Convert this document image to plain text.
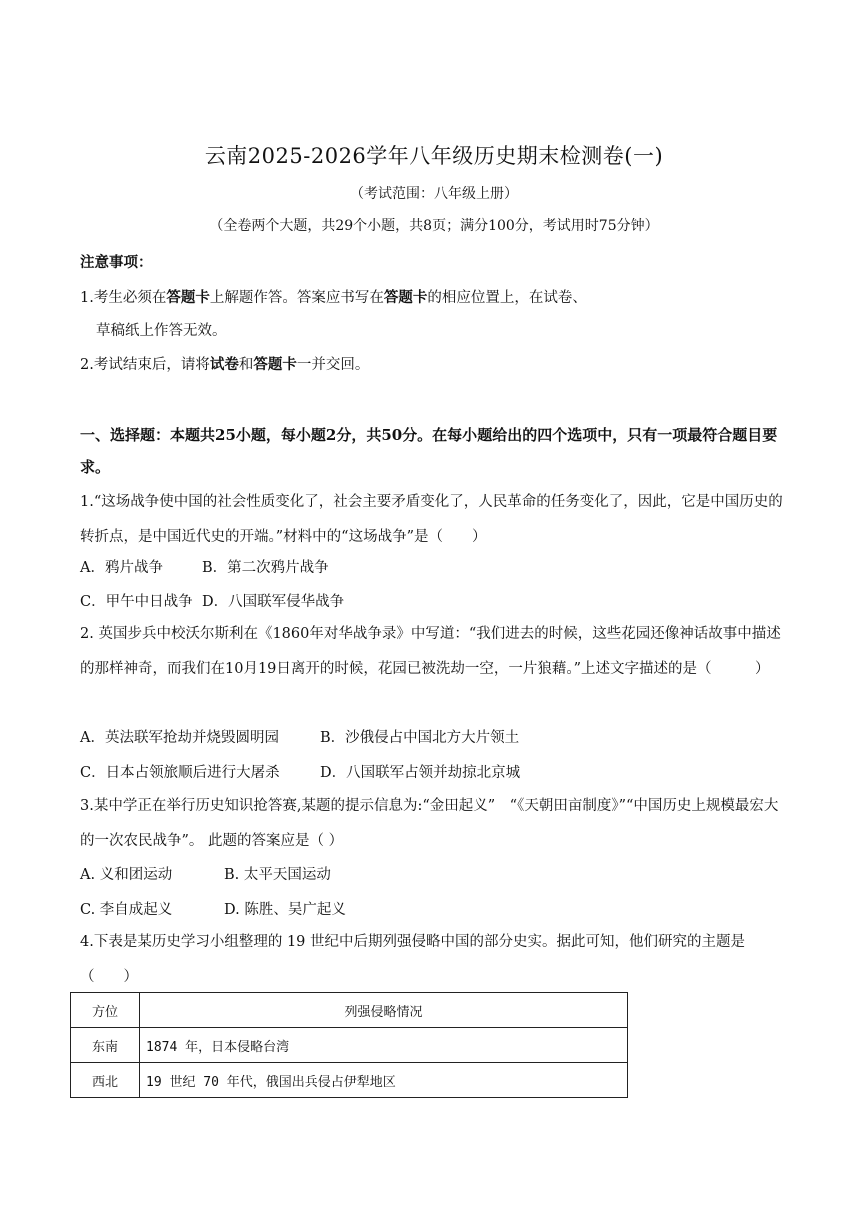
云南2025-2026学年八年级历史期末检测卷(一)
（考试范围：八年级上册）
（全卷两个大题，共29个小题，共8页；满分100分，考试用时75分钟）
注意事项：
1.考生必须在答题卡上解题作答。答案应书写在答题卡的相应位置上，在试卷、
草稿纸上作答无效。
2.考试结束后，请将试卷和答题卡一并交回。
一、选择题：本题共25小题，每小题2分，共50分。在每小题给出的四个选项中，只有一项最符合题目要求。
1.“这场战争使中国的社会性质变化了，社会主要矛盾变化了，人民革命的任务变化了，因此，它是中国历史的转折点，是中国近代史的开端。”材料中的“这场战争”是（　　）
A．鸦片战争	B．第二次鸦片战争
C．甲午中日战争 D．八国联军侵华战争
2. 英国步兵中校沃尔斯利在《1860年对华战争录》中写道：“我们进去的时候，这些花园还像神话故事中描述的那样神奇，而我们在10月19日离开的时候，花园已被洗劫一空，一片狼藉。”上述文字描述的是（　　　）
A．英法联军抢劫并烧毁圆明园	B．沙俄侵占中国北方大片领土
C．日本占领旅顺后进行大屠杀	D．八国联军占领并劫掠北京城
3.某中学正在举行历史知识抢答赛,某题的提示信息为:“金田起义”　“《天朝田亩制度》”“中国历史上规模最宏大的一次农民战争”。 此题的答案应是（ ）
A. 义和团运动	B. 太平天国运动
C. 李自成起义	D. 陈胜、吴广起义
4.下表是某历史学习小组整理的 19 世纪中后期列强侵略中国的部分史实。据此可知，他们研究的主题是（　　）
方位	列强侵略情况
东南	1874 年，日本侵略台湾
西北	19 世纪 70 年代，俄国出兵侵占伊犁地区
